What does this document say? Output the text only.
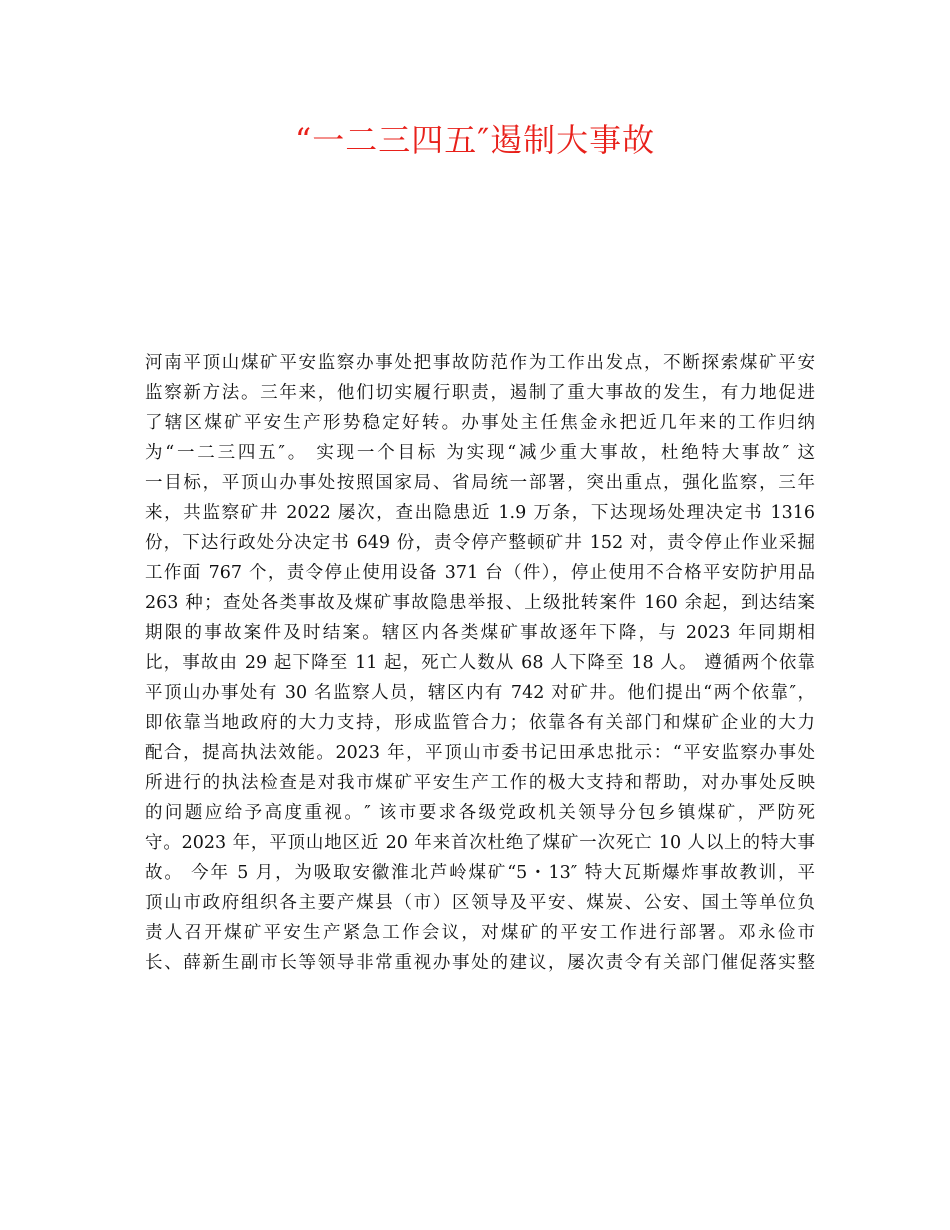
“一二三四五″遏制大事故

河南平顶山煤矿平安监察办事处把事故防范作为工作出发点，不断探索煤矿平安

监察新方法。三年来，他们切实履行职责，遏制了重大事故的发生，有力地促进

了辖区煤矿平安生产形势稳定好转。办事处主任焦金永把近几年来的工作归纳

为“一二三四五″。 实现一个目标 为实现“减少重大事故，杜绝特大事故″ 这

一目标，平顶山办事处按照国家局、省局统一部署，突出重点，强化监察，三年

来，共监察矿井 2022 屡次，查出隐患近 1.9 万条，下达现场处理决定书 1316

份，下达行政处分决定书 649 份，责令停产整顿矿井 152 对，责令停止作业采掘

工作面 767 个，责令停止使用设备 371 台（件），停止使用不合格平安防护用品

263 种；查处各类事故及煤矿事故隐患举报、上级批转案件 160 余起，到达结案

期限的事故案件及时结案。辖区内各类煤矿事故逐年下降，与 2023 年同期相

比，事故由 29 起下降至 11 起，死亡人数从 68 人下降至 18 人。 遵循两个依靠

平顶山办事处有 30 名监察人员，辖区内有 742 对矿井。他们提出“两个依靠″，

即依靠当地政府的大力支持，形成监管合力；依靠各有关部门和煤矿企业的大力

配合，提高执法效能。2023 年，平顶山市委书记田承忠批示：“平安监察办事处

所进行的执法检查是对我市煤矿平安生产工作的极大支持和帮助，对办事处反映

的问题应给予高度重视。″ 该市要求各级党政机关领导分包乡镇煤矿，严防死

守。2023 年，平顶山地区近 20 年来首次杜绝了煤矿一次死亡 10 人以上的特大事

故。 今年 5 月，为吸取安徽淮北芦岭煤矿“5・13″ 特大瓦斯爆炸事故教训，平

顶山市政府组织各主要产煤县（市）区领导及平安、煤炭、公安、国土等单位负

责人召开煤矿平安生产紧急工作会议，对煤矿的平安工作进行部署。邓永俭市

长、薛新生副市长等领导非常重视办事处的建议，屡次责令有关部门催促落实整
